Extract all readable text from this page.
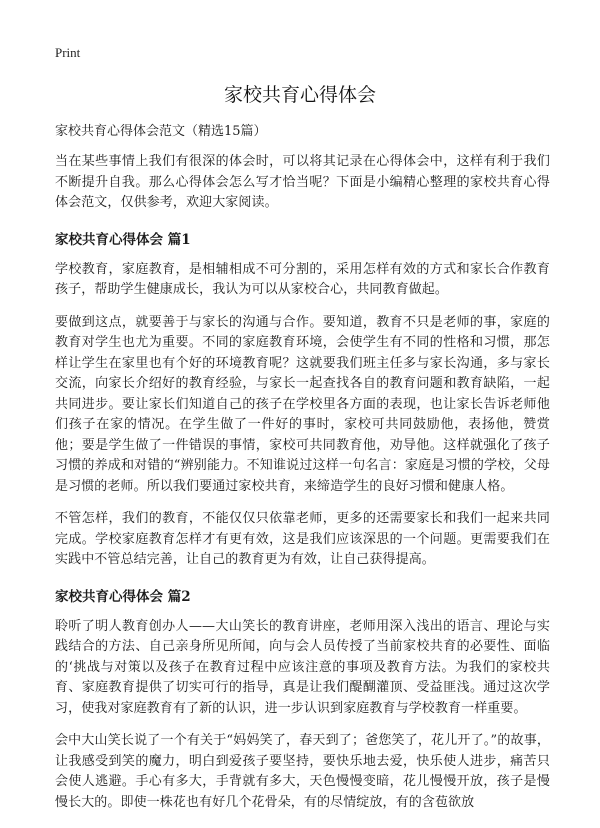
Print
家校共育心得体会
家校共育心得体会范文（精选15篇）

当在某些事情上我们有很深的体会时，可以将其记录在心得体会中，这样有利于我们不断提升自我。那么心得体会怎么写才恰当呢？下面是小编精心整理的家校共育心得体会范文，仅供参考，欢迎大家阅读。

家校共育心得体会 篇1

学校教育，家庭教育，是相辅相成不可分割的，采用怎样有效的方式和家长合作教育孩子，帮助学生健康成长，我认为可以从家校合心，共同教育做起。

要做到这点，就要善于与家长的沟通与合作。要知道，教育不只是老师的事，家庭的教育对学生也尤为重要。不同的家庭教育环境，会使学生有不同的性格和习惯，那怎样让学生在家里也有个好的环境教育呢？这就要我们班主任多与家长沟通，多与家长交流，向家长介绍好的教育经验，与家长一起查找各自的教育问题和教育缺陷，一起共同进步。要让家长们知道自己的孩子在学校里各方面的表现，也让家长告诉老师他们孩子在家的情况。在学生做了一件好的事时，家校可共同鼓励他，表扬他，赞赏他；要是学生做了一件错误的事情，家校可共同教育他，劝导他。这样就强化了孩子习惯的养成和对错的“辨别能力。不知谁说过这样一句名言：家庭是习惯的学校，父母是习惯的老师。所以我们要通过家校共育，来缔造学生的良好习惯和健康人格。

不管怎样，我们的教育，不能仅仅只依靠老师，更多的还需要家长和我们一起来共同完成。学校家庭教育怎样才有更有效，这是我们应该深思的一个问题。更需要我们在实践中不管总结完善，让自己的教育更为有效，让自己获得提高。

家校共育心得体会 篇2

聆听了明人教育创办人——大山笑长的教育讲座，老师用深入浅出的语言、理论与实践结合的方法、自己亲身所见所闻，向与会人员传授了当前家校共育的必要性、面临的‘挑战与对策以及孩子在教育过程中应该注意的事项及教育方法。为我们的家校共育、家庭教育提供了切实可行的指导，真是让我们醍醐灌顶、受益匪浅。通过这次学习，使我对家庭教育有了新的认识，进一步认识到家庭教育与学校教育一样重要。

会中大山笑长说了一个有关于“妈妈笑了，春天到了；爸您笑了，花儿开了。”的故事，让我感受到笑的魔力，明白到爱孩子要坚持，要快乐地去爱，快乐使人进步，痛苦只会使人逃避。手心有多大，手背就有多大，天色慢慢变暗，花儿慢慢开放，孩子是慢慢长大的。即使一株花也有好几个花骨朵，有的尽情绽放，有的含苞欲放
